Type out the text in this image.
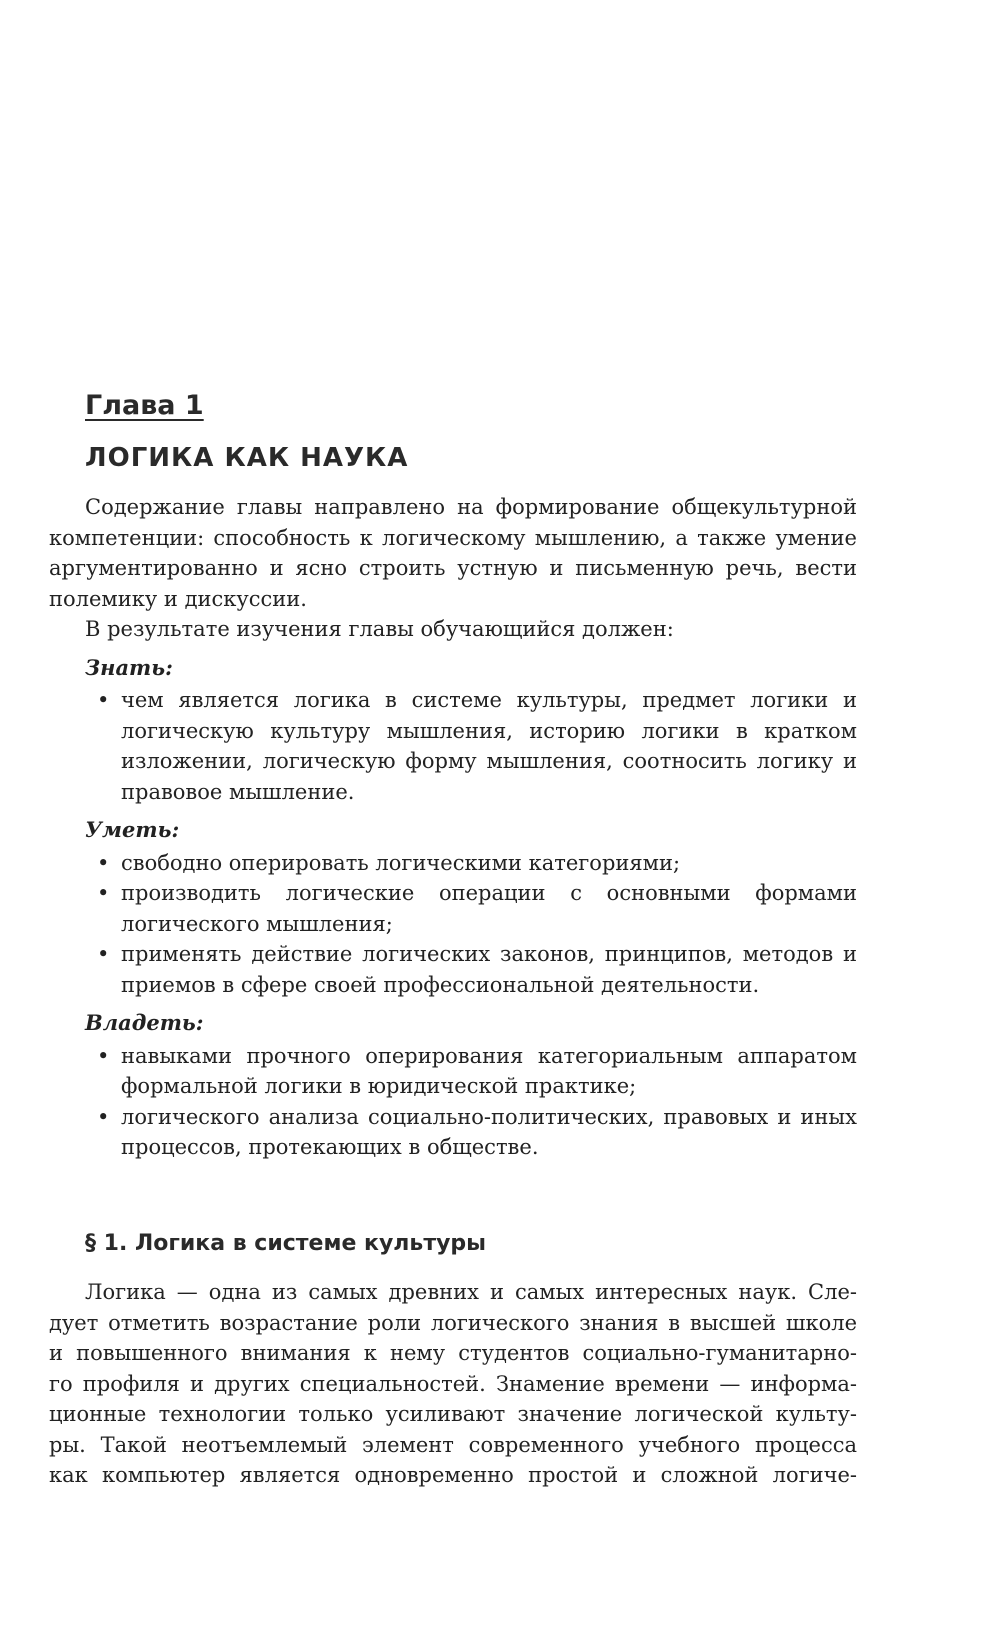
Глава 1
ЛОГИКА КАК НАУКА

Содержание главы направлено на формирование общекультурной компетенции: способность к логическому мышлению, а также умение аргументированно и ясно строить устную и письменную речь, вести полемику и дискуссии.

В результате изучения главы обучающийся должен:

Знать:

• чем является логика в системе культуры, предмет логики и логическую культуру мышления, историю логики в кратком изложении, логическую форму мышления, соотносить логику и правовое мышление.

Уметь:

• свободно оперировать логическими категориями;
• производить логические операции с основными формами логического мышления;
• применять действие логических законов, принципов, методов и приемов в сфере своей профессиональной деятельности.

Владеть:

• навыками прочного оперирования категориальным аппаратом формальной логики в юридической практике;
• логического анализа социально-политических, правовых и иных процессов, протекающих в обществе.
§ 1. Логика в системе культуры
Логика — одна из самых древних и самых интересных наук. Сле-
дует отметить возрастание роли логического знания в высшей школе
и повышенного внимания к нему студентов социально-гуманитарно-
го профиля и других специальностей. Знамение времени — информа-
ционные технологии только усиливают значение логической культу-
ры. Такой неотъемлемый элемент современного учебного процесса
как компьютер является одновременно простой и сложной логиче-
